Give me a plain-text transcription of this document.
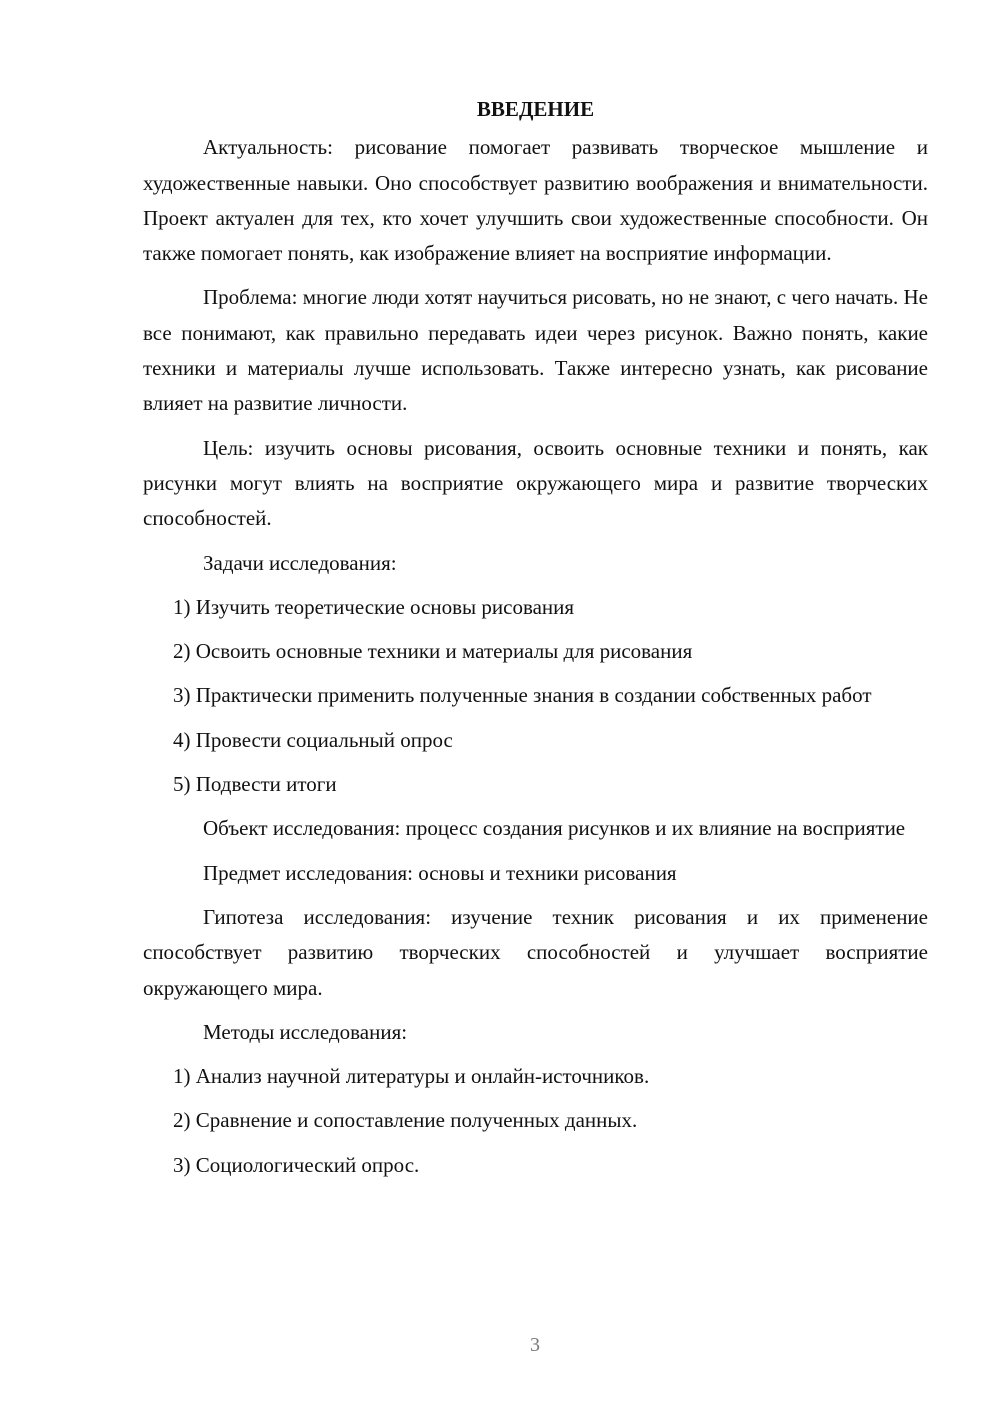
ВВЕДЕНИЕ

Актуальность: рисование помогает развивать творческое мышление и художественные навыки. Оно способствует развитию воображения и внимательности. Проект актуален для тех, кто хочет улучшить свои художественные способности. Он также помогает понять, как изображение влияет на восприятие информации.

Проблема: многие люди хотят научиться рисовать, но не знают, с чего начать. Не все понимают, как правильно передавать идеи через рисунок. Важно понять, какие техники и материалы лучше использовать. Также интересно узнать, как рисование влияет на развитие личности.

Цель: изучить основы рисования, освоить основные техники и понять, как рисунки могут влиять на восприятие окружающего мира и развитие творческих способностей.

Задачи исследования:

1) Изучить теоретические основы рисования

2) Освоить основные техники и материалы для рисования

3) Практически применить полученные знания в создании собственных работ

4) Провести социальный опрос

5) Подвести итоги

Объект исследования: процесс создания рисунков и их влияние на восприятие

Предмет исследования: основы и техники рисования

Гипотеза исследования: изучение техник рисования и их применение способствует развитию творческих способностей и улучшает восприятие окружающего мира.

Методы исследования:

1) Анализ научной литературы и онлайн-источников.

2) Сравнение и сопоставление полученных данных.

3) Социологический опрос.

3
